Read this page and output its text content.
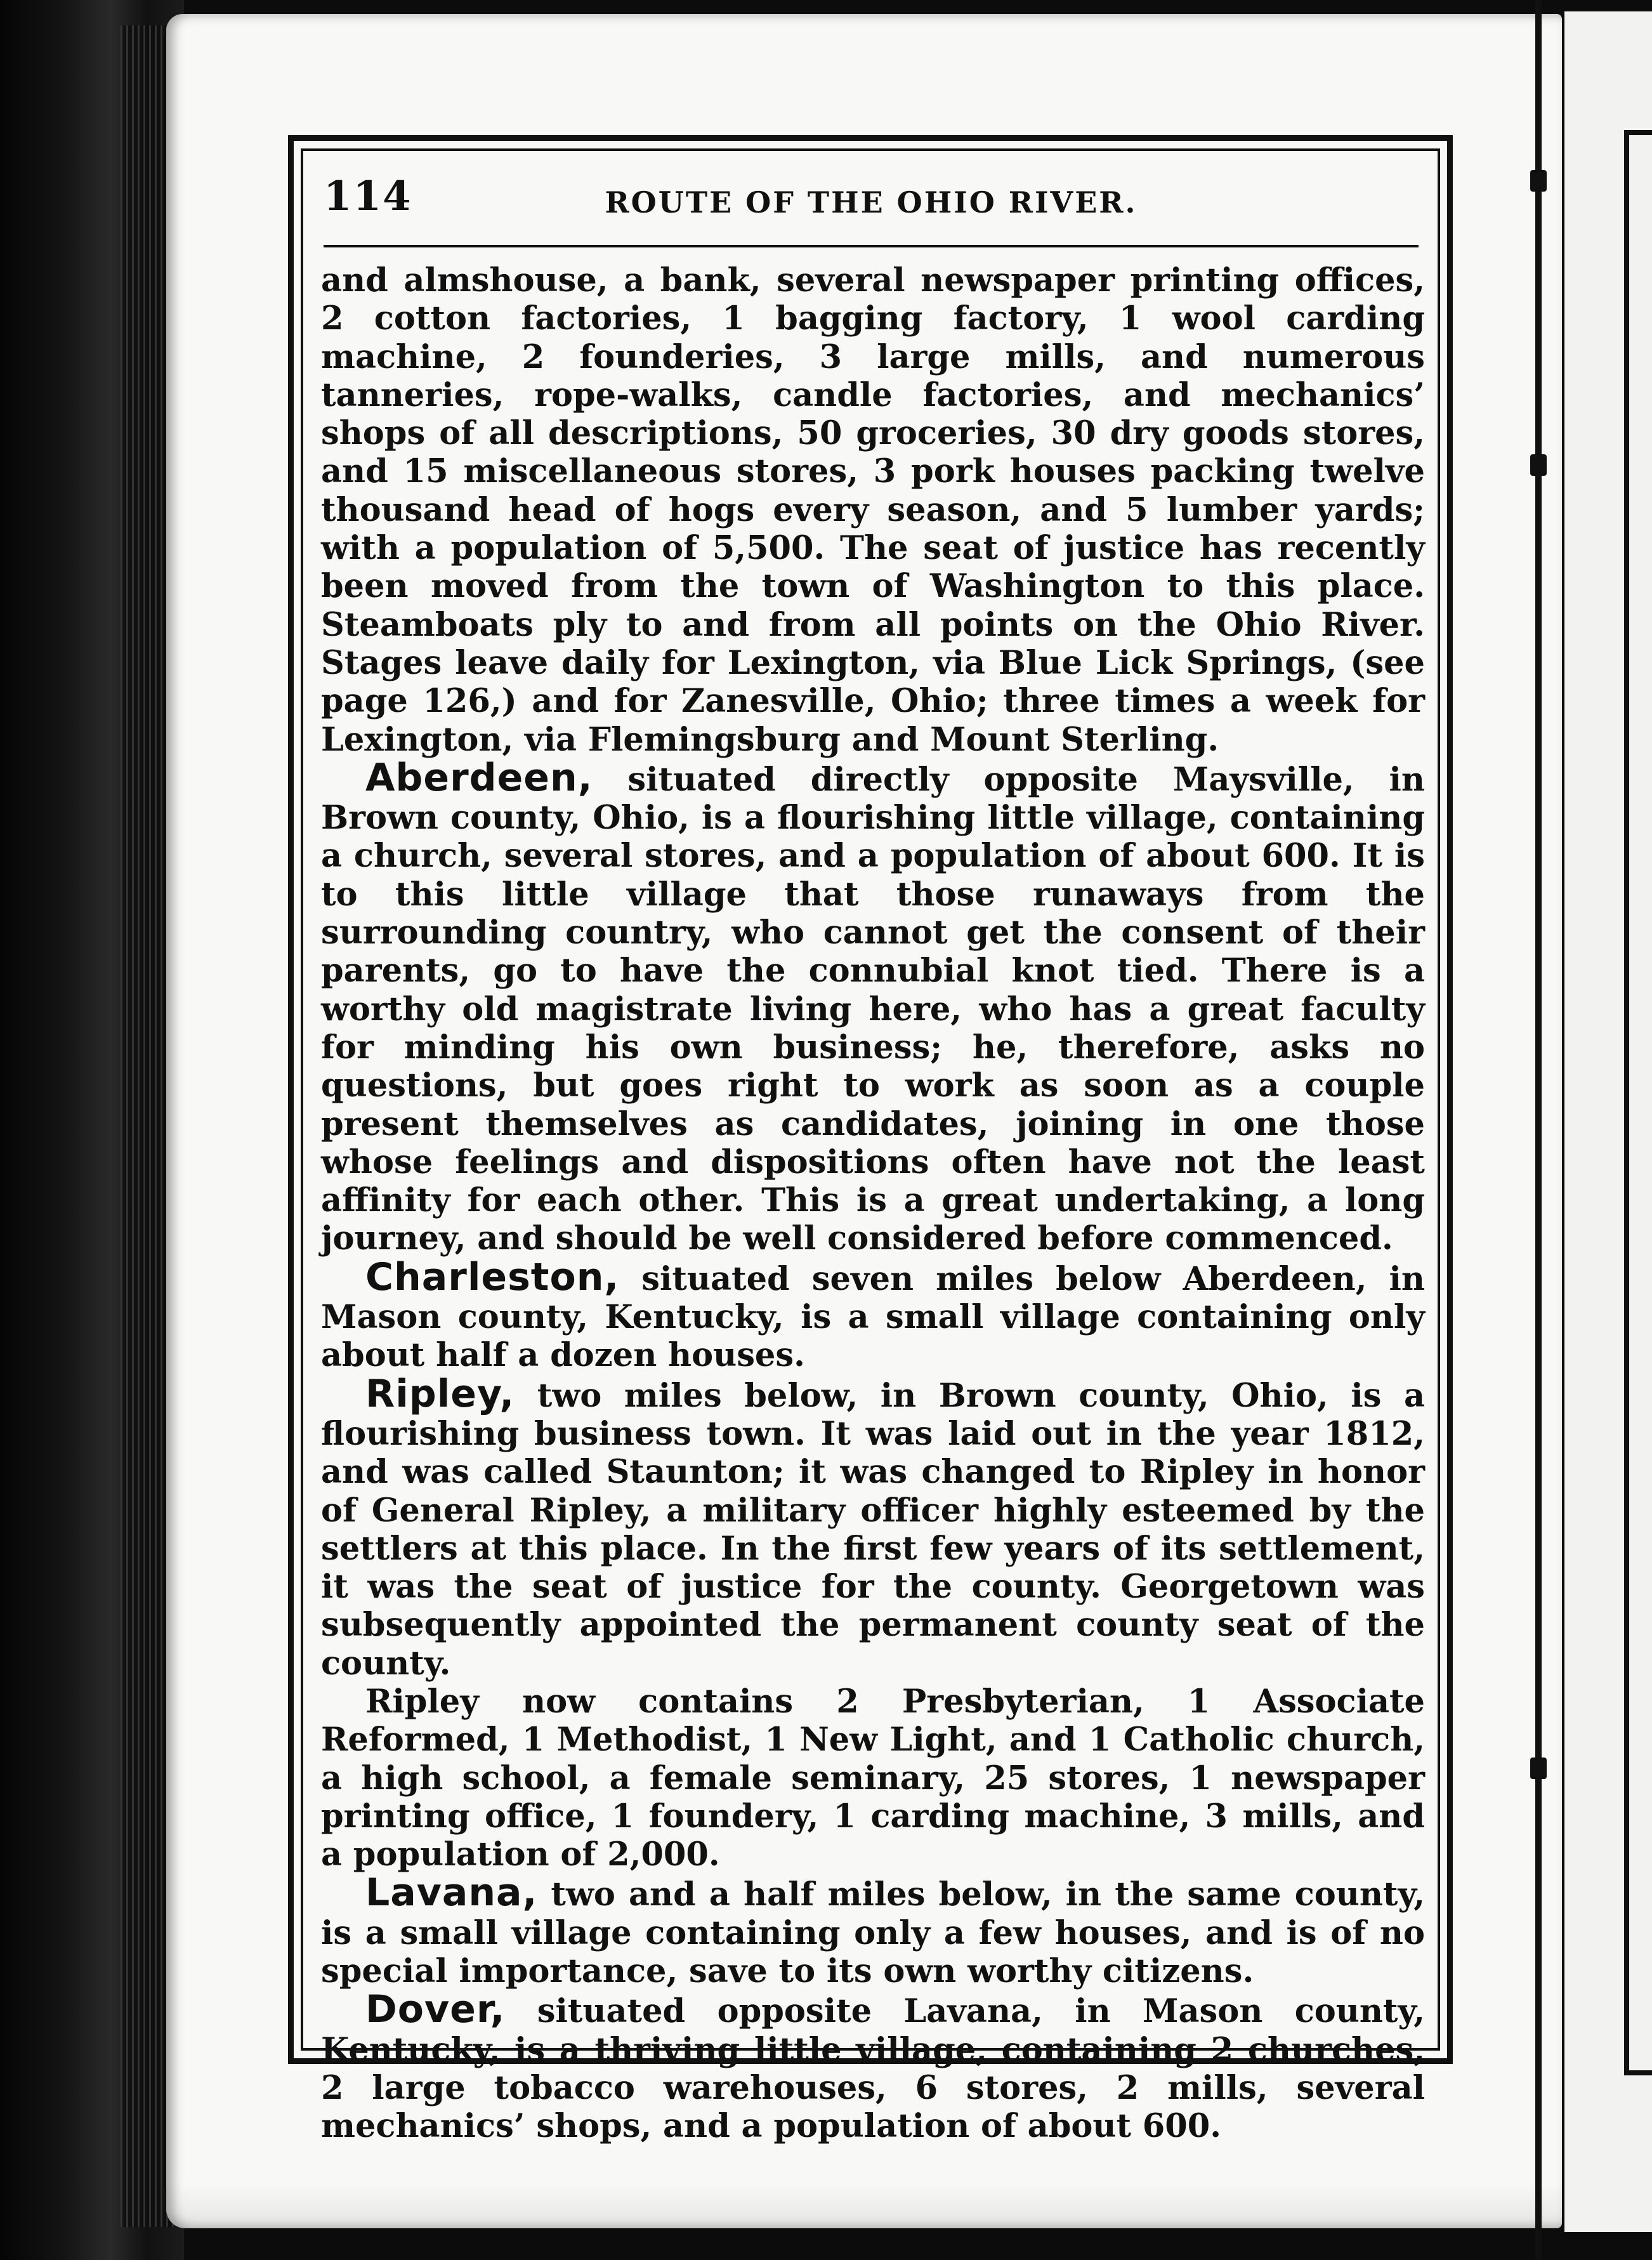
114	ROUTE OF THE OHIO RIVER.

and almshouse, a bank, several newspaper printing offices, 2 cotton factories, 1 bagging factory, 1 wool carding machine, 2 founderies, 3 large mills, and numerous tanneries, rope-walks, candle factories, and mechanics’ shops of all descriptions, 50 groceries, 30 dry goods stores, and 15 miscellaneous stores, 3 pork houses packing twelve thousand head of hogs every season, and 5 lumber yards; with a population of 5,500. The seat of justice has recently been moved from the town of Washington to this place. Steamboats ply to and from all points on the Ohio River. Stages leave daily for Lexington, via Blue Lick Springs, (see page 126,) and for Zanesville, Ohio; three times a week for Lexington, via Flemingsburg and Mount Sterling.

Aberdeen, situated directly opposite Maysville, in Brown county, Ohio, is a flourishing little village, containing a church, several stores, and a population of about 600. It is to this little village that those runaways from the surrounding country, who cannot get the consent of their parents, go to have the connubial knot tied. There is a worthy old magistrate living here, who has a great faculty for minding his own business; he, therefore, asks no questions, but goes right to work as soon as a couple present themselves as candidates, joining in one those whose feelings and dispositions often have not the least affinity for each other. This is a great undertaking, a long journey, and should be well considered before commenced.

Charleston, situated seven miles below Aberdeen, in Mason county, Kentucky, is a small village containing only about half a dozen houses.

Ripley, two miles below, in Brown county, Ohio, is a flourishing business town. It was laid out in the year 1812, and was called Staunton; it was changed to Ripley in honor of General Ripley, a military officer highly esteemed by the settlers at this place. In the first few years of its settlement, it was the seat of justice for the county. Georgetown was subsequently appointed the permanent county seat of the county.

Ripley now contains 2 Presbyterian, 1 Associate Reformed, 1 Methodist, 1 New Light, and 1 Catholic church, a high school, a female seminary, 25 stores, 1 newspaper printing office, 1 foundery, 1 carding machine, 3 mills, and a population of 2,000.

Lavana, two and a half miles below, in the same county, is a small village containing only a few houses, and is of no special importance, save to its own worthy citizens.

Dover, situated opposite Lavana, in Mason county, Kentucky, is a thriving little village, containing 2 churches, 2 large tobacco warehouses, 6 stores, 2 mills, several mechanics’ shops, and a population of about 600.
